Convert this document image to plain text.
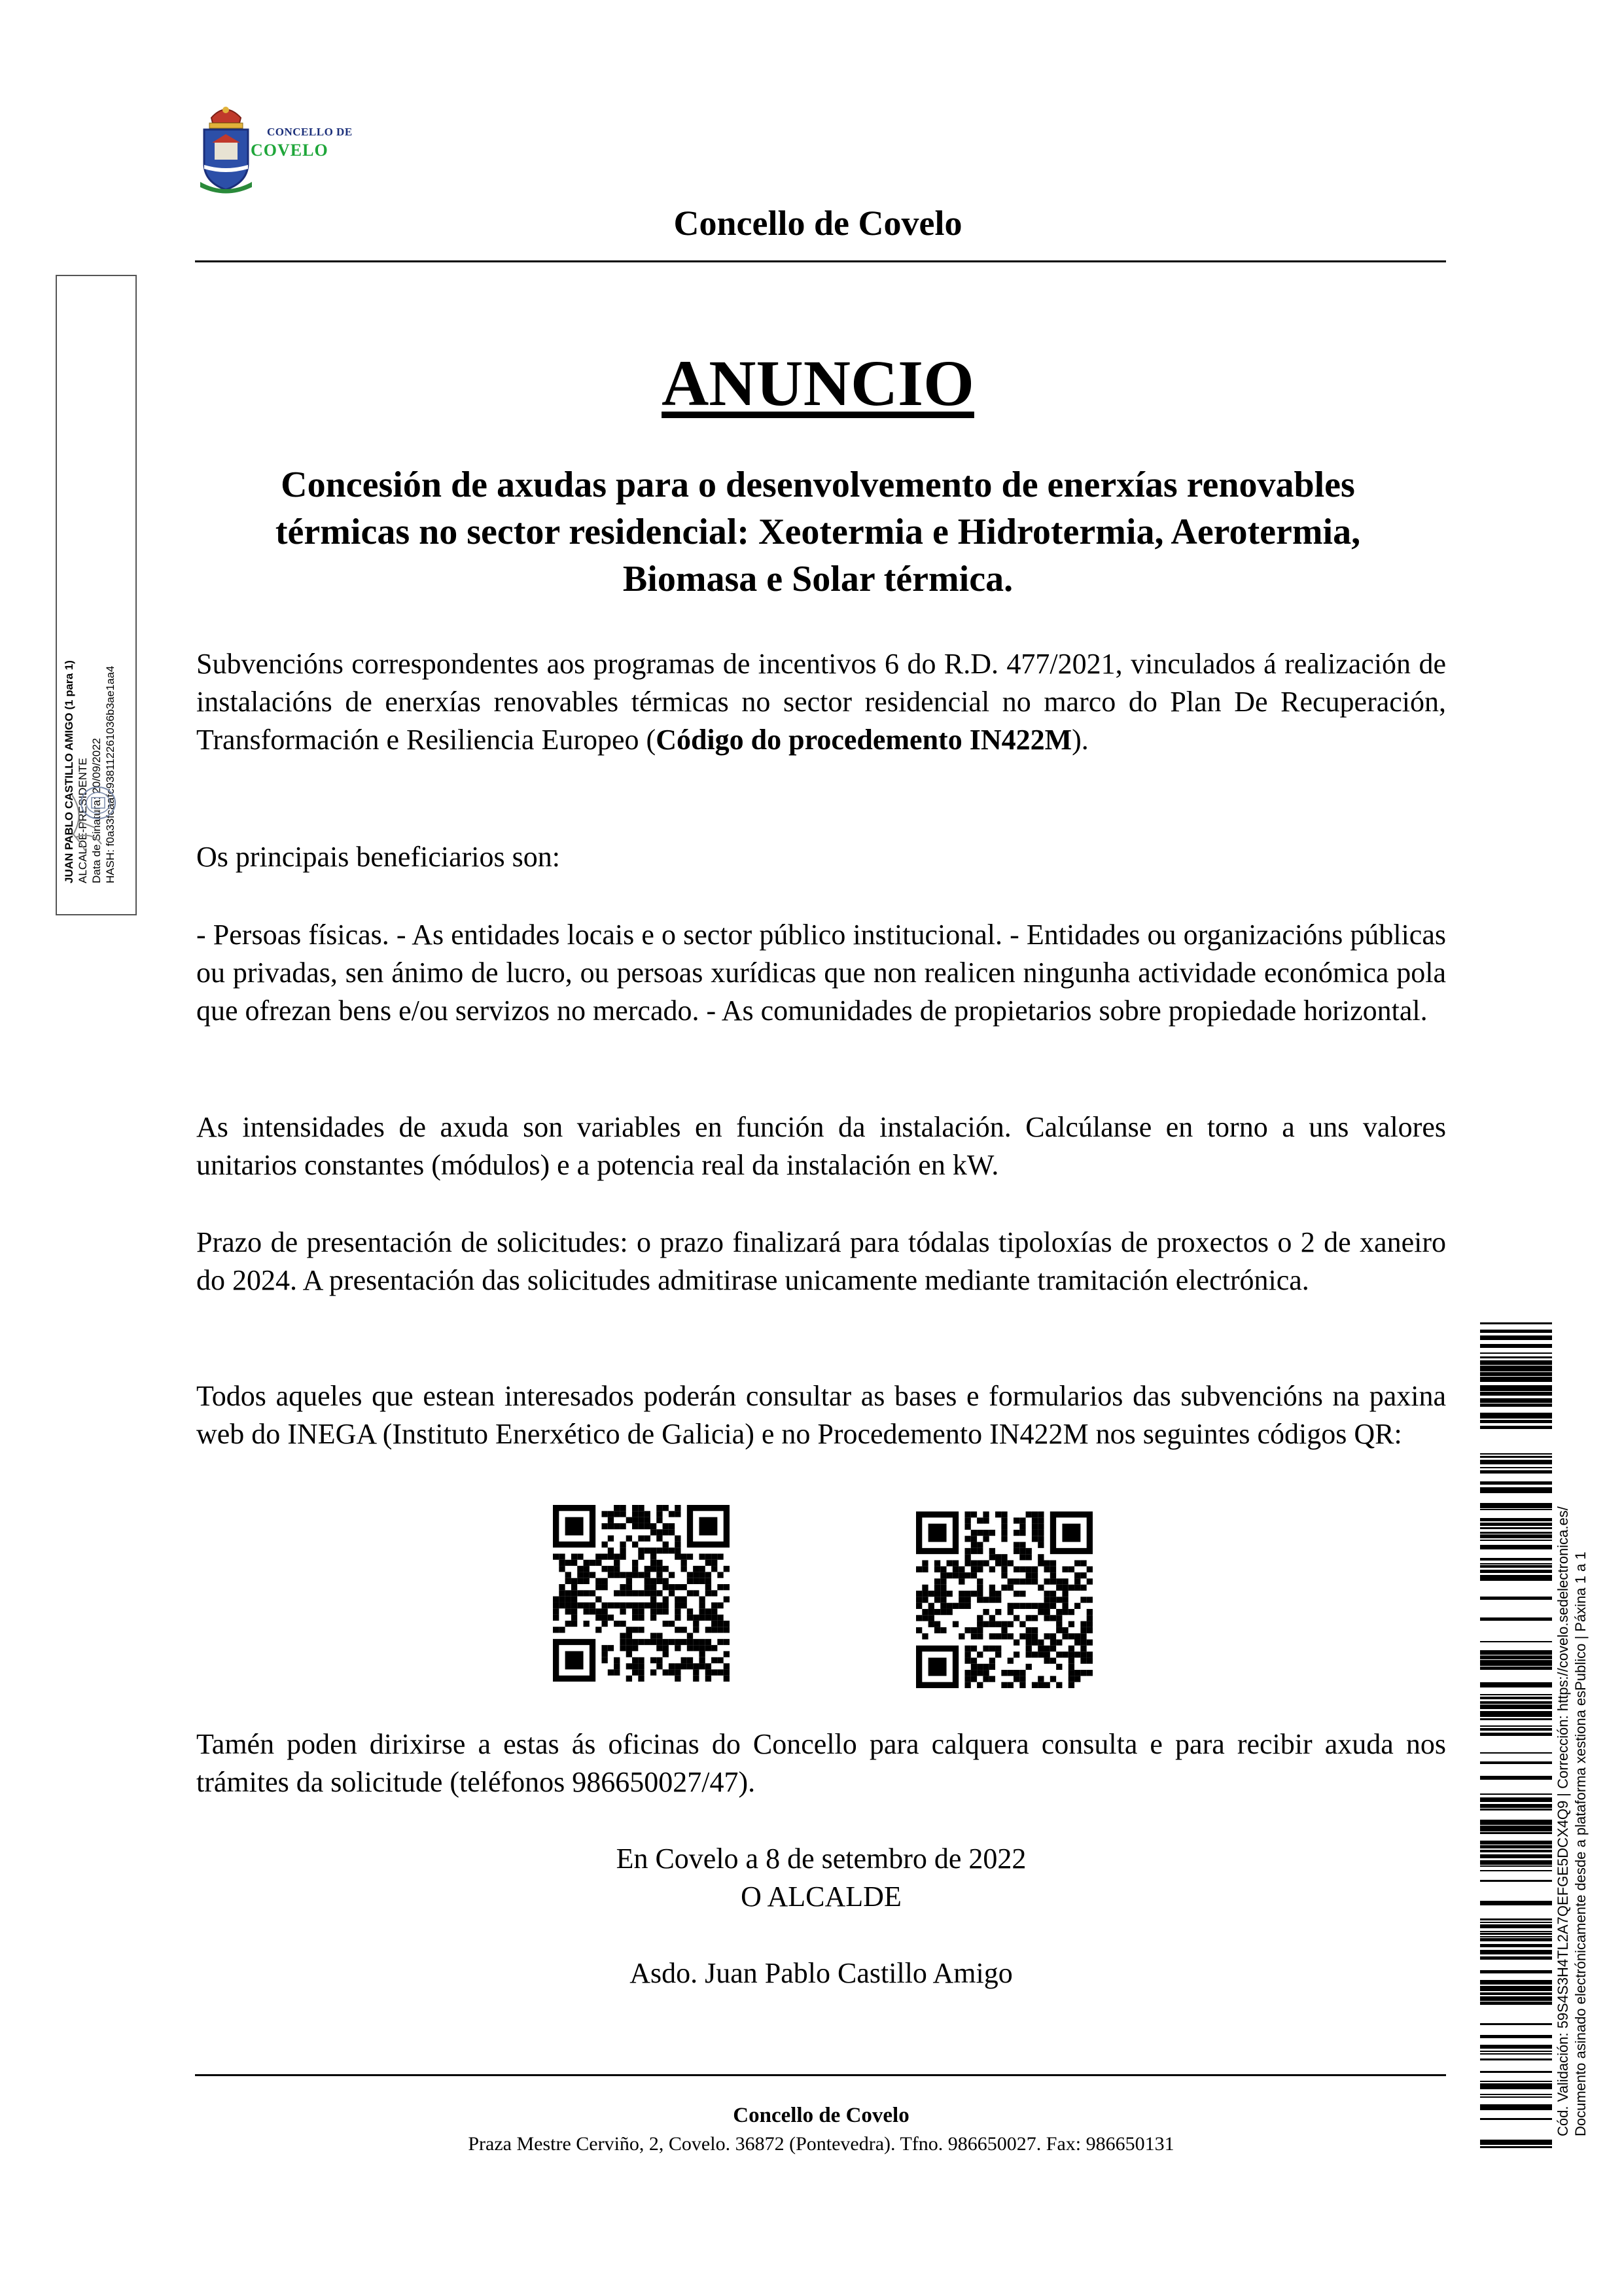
CONCELLO DE
COVELO
Concello de Covelo
ANUNCIO
Concesión de axudas para o desenvolvemento de enerxías renovables térmicas no sector residencial: Xeotermia e Hidrotermia, Aerotermia, Biomasa e Solar térmica.
Subvencións correspondentes aos programas de incentivos 6 do R.D. 477/2021, vinculados á realización de instalacións de enerxías renovables térmicas no sector residencial no marco do Plan De Recuperación, Transformación e Resiliencia Europeo (Código do procedemento IN422M).
Os principais beneficiarios son:
- Persoas físicas. - As entidades locais e o sector público institucional. - Entidades ou organizacións públicas ou privadas, sen ánimo de lucro, ou persoas xurídicas que non realicen ningunha actividade económica pola que ofrezan bens e/ou servizos no mercado. - As comunidades de propietarios sobre propiedade horizontal.
As intensidades de axuda son variables en función da instalación. Calcúlanse en torno a uns valores unitarios constantes (módulos) e a potencia real da instalación en kW.
Prazo de presentación de solicitudes: o prazo finalizará para tódalas tipoloxías de proxectos o 2 de xaneiro do 2024. A presentación das solicitudes admitirase unicamente mediante tramitación electrónica.
Todos aqueles que estean interesados poderán consultar as bases e formularios das subvencións na paxina web do INEGA (Instituto Enerxético de Galicia) e no Procedemento IN422M nos seguintes códigos QR:
Tamén poden dirixirse a estas ás oficinas do Concello para calquera consulta e para recibir axuda nos trámites da solicitude (teléfonos 986650027/47).
En Covelo a 8 de setembro de 2022
O ALCALDE
Asdo. Juan Pablo Castillo Amigo
Concello de Covelo
Praza Mestre Cerviño, 2, Covelo. 36872 (Pontevedra). Tfno. 986650027. Fax: 986650131
JUAN PABLO CASTILLO AMIGO (1 para 1) ALCALDE-PRESIDENTE Data de Sinatura: 20/09/2022 HASH: f0a33fcaafc938112261036b3ae1aa4
Cód. Validación: 59S4S3H4TL2A7QEFGE5DCX4Q9 | Corrección: https://covelo.sedelectronica.es/ Documento asinado electrónicamente desde a plataforma xestiona esPublico | Páxina 1 a 1
